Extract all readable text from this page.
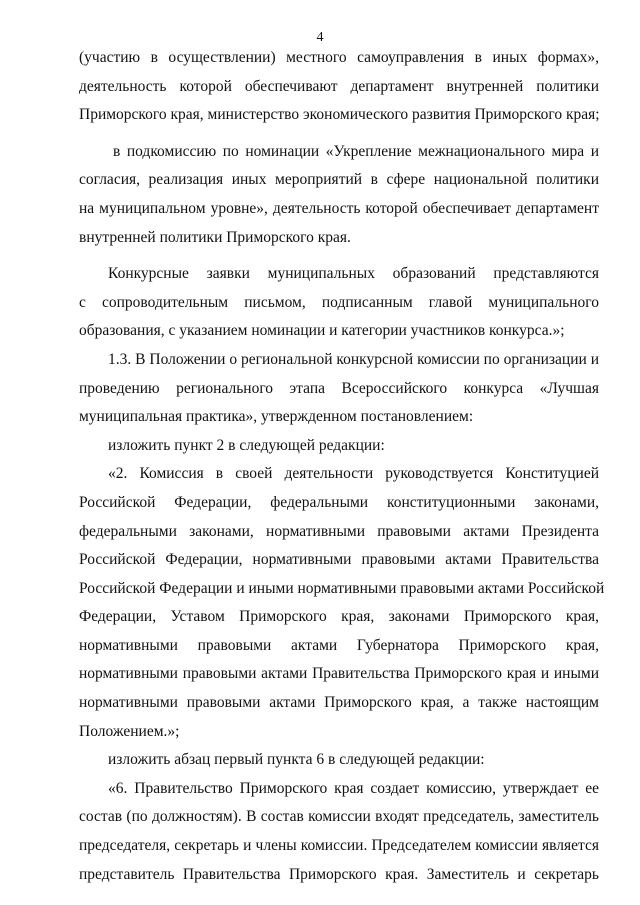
4
(участию в осуществлении) местного самоуправления в иных формах»,
деятельность которой обеспечивают департамент внутренней политики
Приморского края, министерство экономического развития Приморского края;
в подкомиссию по номинации «Укрепление межнационального мира и
согласия, реализация иных мероприятий в сфере национальной политики
на муниципальном уровне», деятельность которой обеспечивает департамент
внутренней политики Приморского края.
Конкурсные заявки муниципальных образований представляются
с сопроводительным письмом, подписанным главой муниципального
образования, с указанием номинации и категории участников конкурса.»;
1.3. В Положении о региональной конкурсной комиссии по организации и
проведению регионального этапа Всероссийского конкурса «Лучшая
муниципальная практика», утвержденном постановлением:
изложить пункт 2 в следующей редакции:
«2. Комиссия в своей деятельности руководствуется Конституцией
Российской Федерации, федеральными конституционными законами,
федеральными законами, нормативными правовыми актами Президента
Российской Федерации, нормативными правовыми актами Правительства
Российской Федерации и иными нормативными правовыми актами Российской
Федерации, Уставом Приморского края, законами Приморского края,
нормативными правовыми актами Губернатора Приморского края,
нормативными правовыми актами Правительства Приморского края и иными
нормативными правовыми актами Приморского края, а также настоящим
Положением.»;
изложить абзац первый пункта 6 в следующей редакции:
«6. Правительство Приморского края создает комиссию, утверждает ее
состав (по должностям). В состав комиссии входят председатель, заместитель
председателя, секретарь и члены комиссии. Председателем комиссии является
представитель Правительства Приморского края. Заместитель и секретарь
